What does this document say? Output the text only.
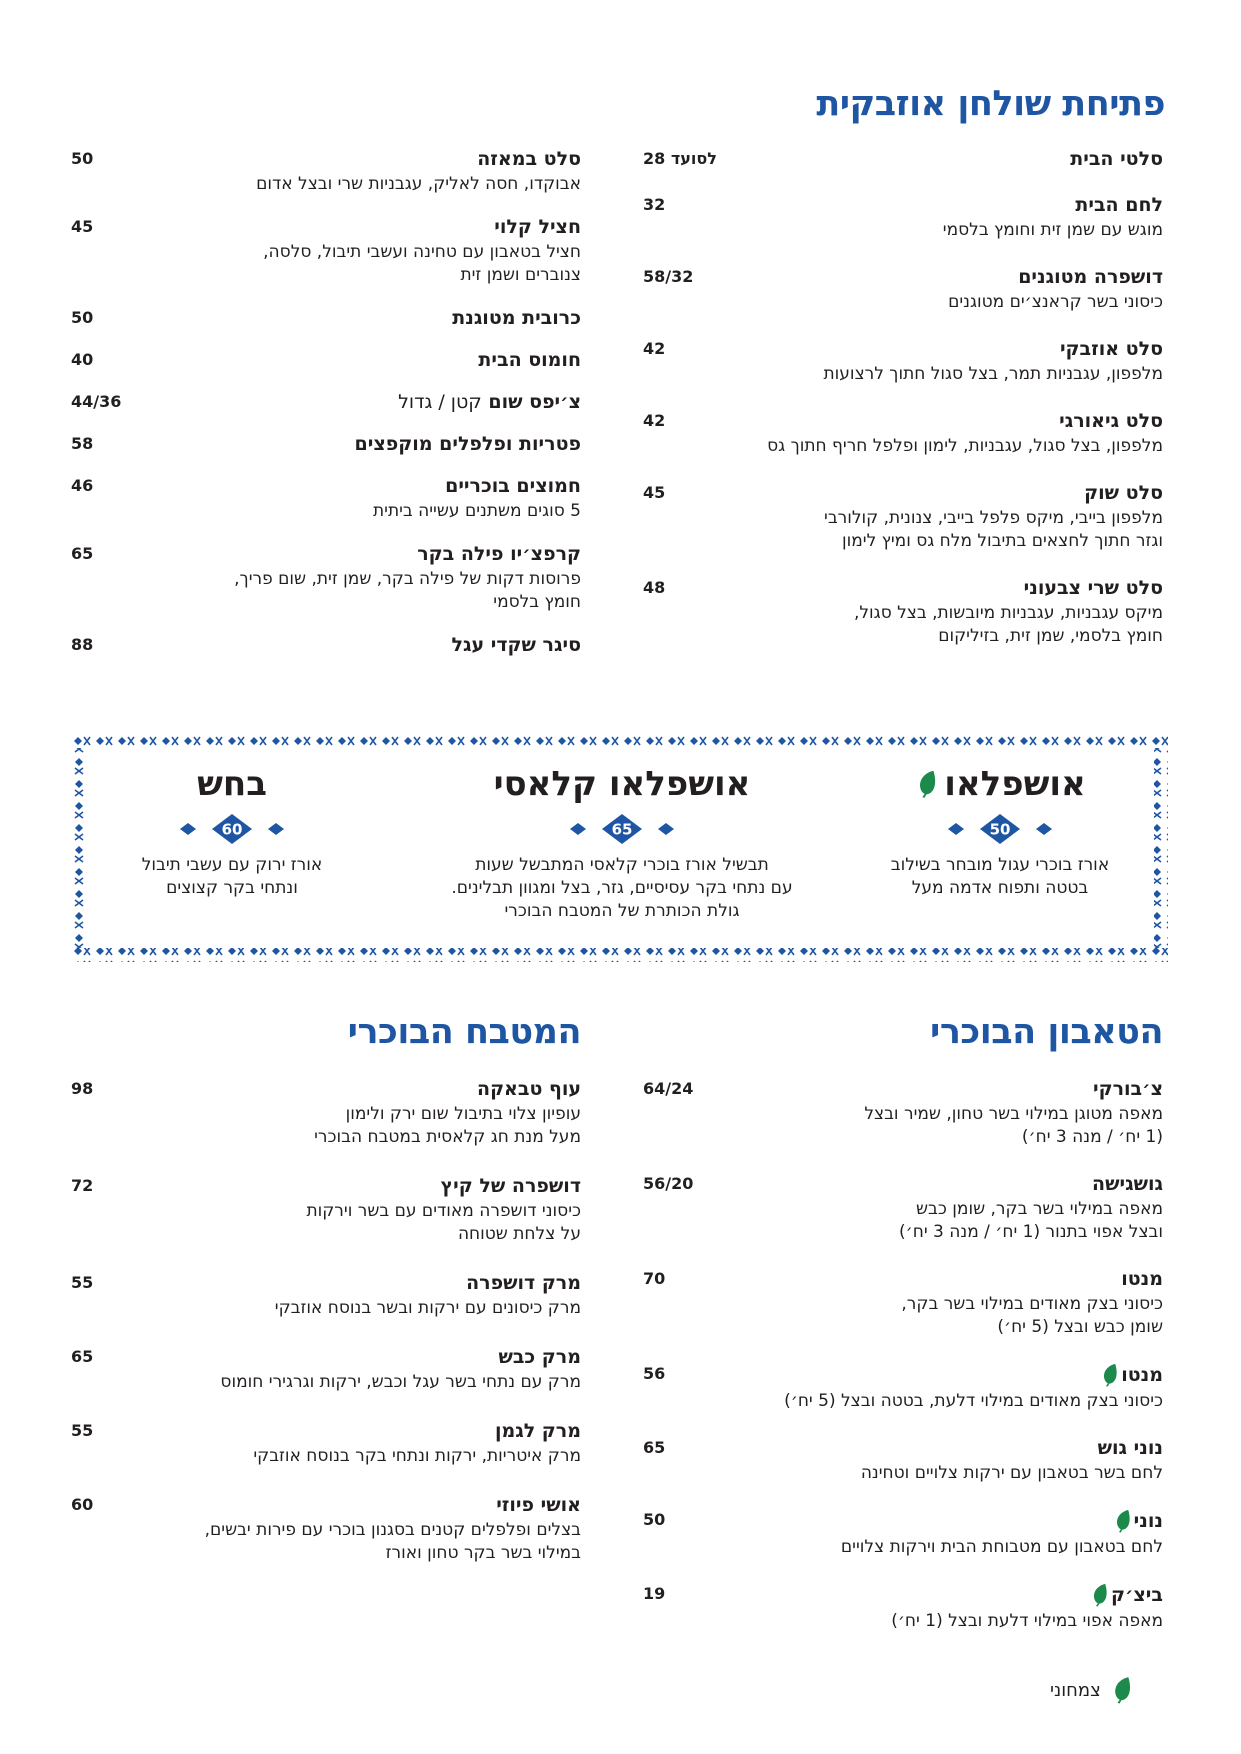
פתיחת שולחן אוזבקית
סלטי הבית
28 לסועד
לחם הבית
32
מוגש עם שמן זית וחומץ בלסמי
דושפרה מטוגנים
58/32
כיסוני בשר קראנצ׳ים מטוגנים
סלט אוזבקי
42
מלפפון, עגבניות תמר, בצל סגול חתוך לרצועות
סלט גיאורגי
42
מלפפון, בצל סגול, עגבניות, לימון ופלפל חריף חתוך גס
סלט שוק
45
מלפפון בייבי, מיקס פלפל בייבי, צנונית, קולורבי
וגזר חתוך לחצאים בתיבול מלח גס ומיץ לימון
סלט שרי צבעוני
48
מיקס עגבניות, עגבניות מיובשות, בצל סגול,
חומץ בלסמי, שמן זית, בזיליקום
סלט במאזה
50
אבוקדו, חסה לאליק, עגבניות שרי ובצל אדום
חציל קלוי
45
חציל בטאבון עם טחינה ועשבי תיבול, סלסה,
צנוברים ושמן זית
כרובית מטוגנת
50
חומוס הבית
40
צ׳יפס שום קטן / גדול
44/36
פטריות ופלפלים מוקפצים
58
חמוצים בוכריים
46
5 סוגים משתנים עשייה ביתית
קרפצ׳יו פילה בקר
65
פרוסות דקות של פילה בקר, שמן זית, שום פריך,
חומץ בלסמי
סיגר שקדי עגל
88
אושפלאו
50
אורז בוכרי עגול מובחר בשילוב
בטטה ותפוח אדמה מעל
אושפלאו קלאסי
65
תבשיל אורז בוכרי קלאסי המתבשל שעות
עם נתחי בקר עסיסיים, גזר, בצל ומגוון תבלינים.
גולת הכותרת של המטבח הבוכרי
בחש
60
אורז ירוק עם עשבי תיבול
ונתחי בקר קצוצים
הטאבון הבוכרי
המטבח הבוכרי
צ׳בורקי
64/24
מאפה מטוגן במילוי בשר טחון, שמיר ובצל
(1 יח׳ / מנה 3 יח׳)
גושגישה
56/20
מאפה במילוי בשר בקר, שומן כבש
ובצל אפוי בתנור (1 יח׳ / מנה 3 יח׳)
מנטו
70
כיסוני בצק מאודים במילוי בשר בקר,
שומן כבש ובצל (5 יח׳)
מנטו
56
כיסוני בצק מאודים במילוי דלעת, בטטה ובצל (5 יח׳)
נוני גוש
65
לחם בשר בטאבון עם ירקות צלויים וטחינה
נוני
50
לחם בטאבון עם מטבוחת הבית וירקות צלויים
ביצ׳ק
19
מאפה אפוי במילוי דלעת ובצל (1 יח׳)
עוף טבאקה
98
עופיון צלוי בתיבול שום ירק ולימון
מעל מנת חג קלאסית במטבח הבוכרי
דושפרה של קיץ
72
כיסוני דושפרה מאודים עם בשר וירקות
על צלחת שטוחה
מרק דושפרה
55
מרק כיסונים עם ירקות ובשר בנוסח אוזבקי
מרק כבש
65
מרק עם נתחי בשר עגל וכבש, ירקות וגרגירי חומוס
מרק לגמן
55
מרק איטריות, ירקות ונתחי בקר בנוסח אוזבקי
אושי פיוזי
60
בצלים ופלפלים קטנים בסגנון בוכרי עם פירות יבשים,
במילוי בשר בקר טחון ואורז
צמחוני
